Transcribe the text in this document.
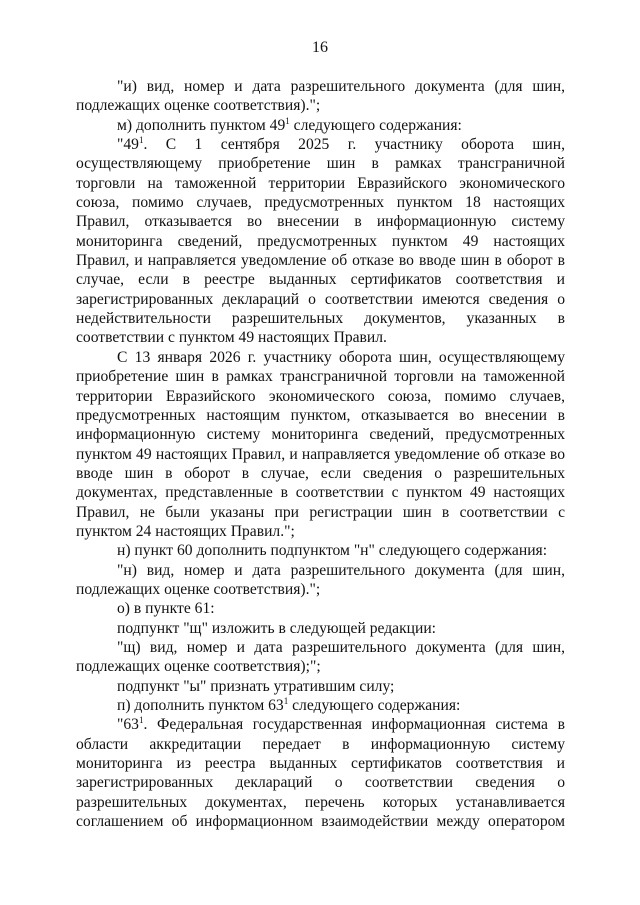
16

"и) вид, номер и дата разрешительного документа (для шин, подлежащих оценке соответствия).";

м) дополнить пунктом $49^1$ следующего содержания:

"$49^1$. С 1 сентября 2025 г. участнику оборота шин, осуществляющему приобретение шин в рамках трансграничной торговли на таможенной территории Евразийского экономического союза, помимо случаев, предусмотренных пунктом 18 настоящих Правил, отказывается во внесении в информационную систему мониторинга сведений, предусмотренных пунктом 49 настоящих Правил, и направляется уведомление об отказе во вводе шин в оборот в случае, если в реестре выданных сертификатов соответствия и зарегистрированных деклараций о соответствии имеются сведения о недействительности разрешительных документов, указанных в соответствии с пунктом 49 настоящих Правил.

С 13 января 2026 г. участнику оборота шин, осуществляющему приобретение шин в рамках трансграничной торговли на таможенной территории Евразийского экономического союза, помимо случаев, предусмотренных настоящим пунктом, отказывается во внесении в информационную систему мониторинга сведений, предусмотренных пунктом 49 настоящих Правил, и направляется уведомление об отказе во вводе шин в оборот в случае, если сведения о разрешительных документах, представленные в соответствии с пунктом 49 настоящих Правил, не были указаны при регистрации шин в соответствии с пунктом 24 настоящих Правил.";

н) пункт 60 дополнить подпунктом "н" следующего содержания:

"н) вид, номер и дата разрешительного документа (для шин, подлежащих оценке соответствия).";

о) в пункте 61:

подпункт "щ" изложить в следующей редакции:

"щ) вид, номер и дата разрешительного документа (для шин, подлежащих оценке соответствия);";

подпункт "ы" признать утратившим силу;

п) дополнить пунктом $63^1$ следующего содержания:

"$63^1$. Федеральная государственная информационная система в области аккредитации передает в информационную систему мониторинга из реестра выданных сертификатов соответствия и зарегистрированных деклараций о соответствии сведения о разрешительных документах, перечень которых устанавливается соглашением об информационном взаимодействии между оператором
